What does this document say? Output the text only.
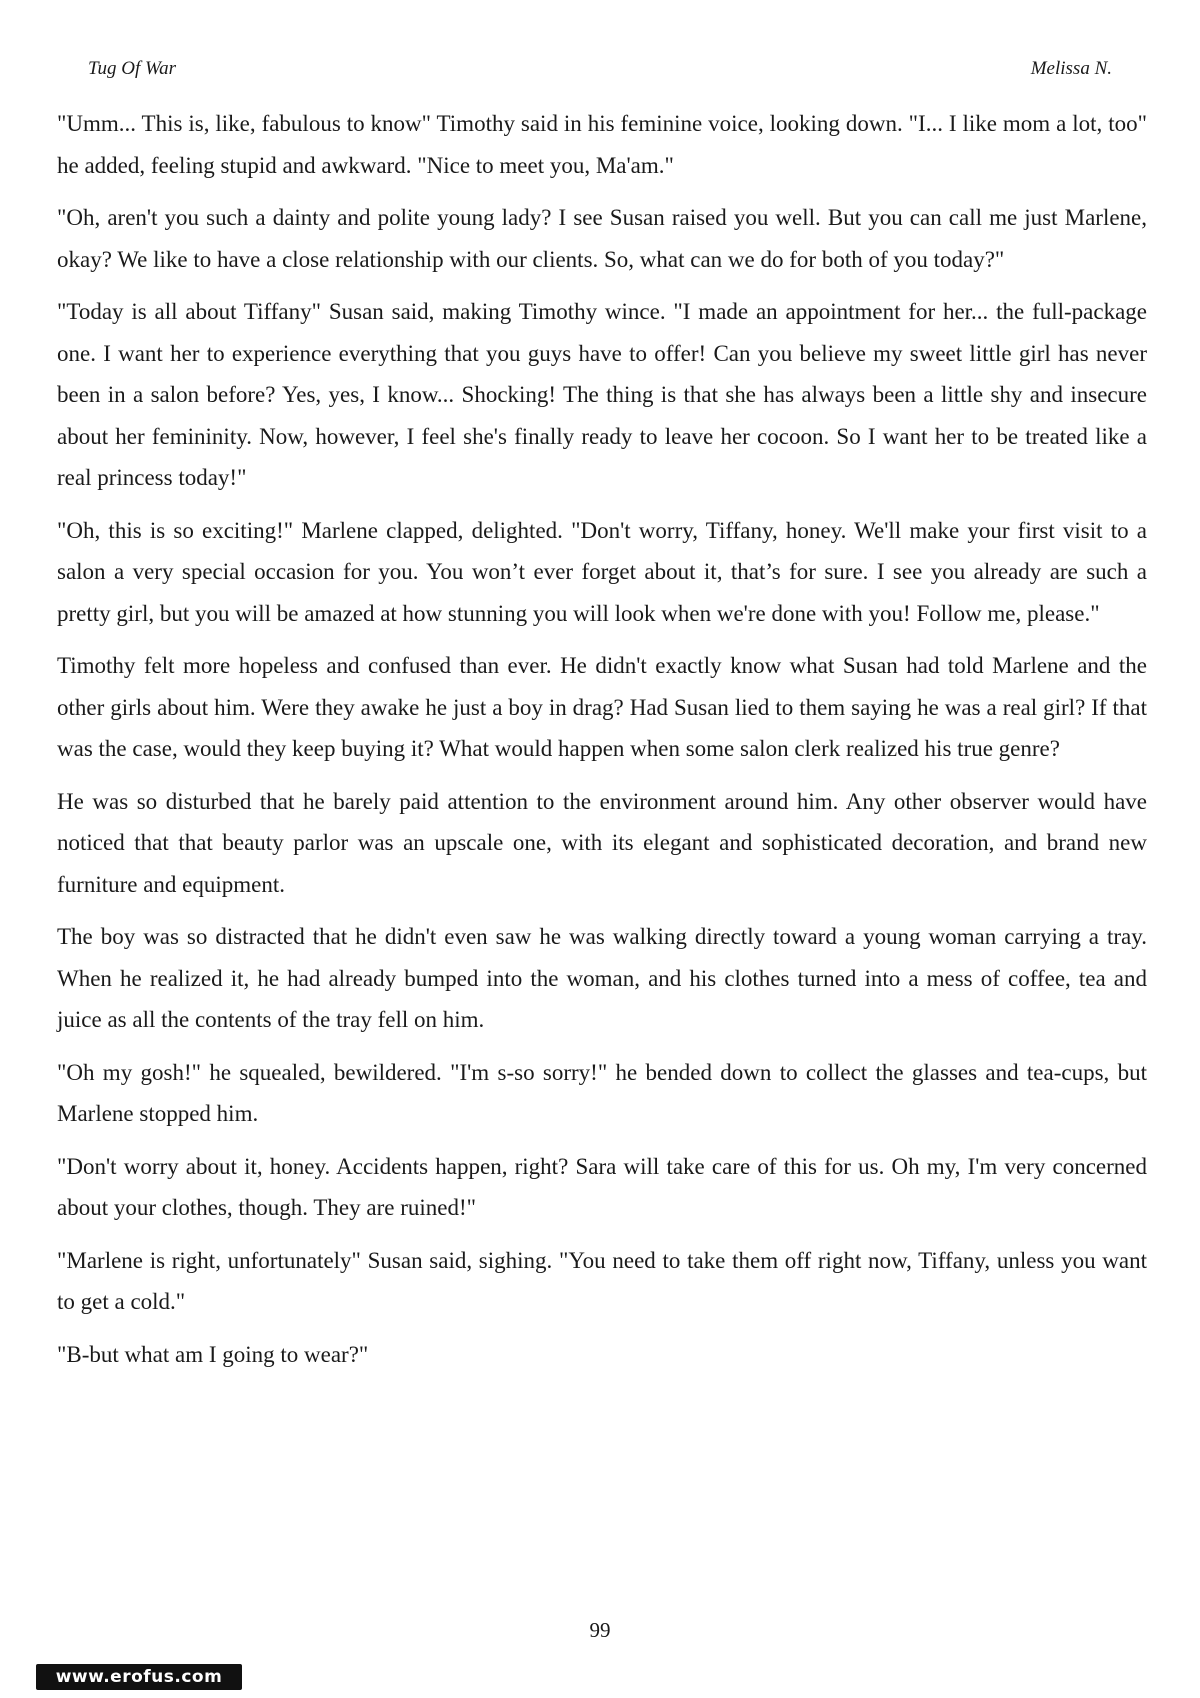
Tug Of War	Melissa N.

"Umm... This is, like, fabulous to know" Timothy said in his feminine voice, looking down. "I... I like mom a lot, too" he added, feeling stupid and awkward. "Nice to meet you, Ma'am."

"Oh, aren't you such a dainty and polite young lady? I see Susan raised you well. But you can call me just Marlene, okay? We like to have a close relationship with our clients. So, what can we do for both of you today?"

"Today is all about Tiffany" Susan said, making Timothy wince. "I made an appointment for her... the full-package one. I want her to experience everything that you guys have to offer! Can you believe my sweet little girl has never been in a salon before? Yes, yes, I know... Shocking! The thing is that she has always been a little shy and insecure about her femininity. Now, however, I feel she's finally ready to leave her cocoon. So I want her to be treated like a real princess today!"

"Oh, this is so exciting!" Marlene clapped, delighted. "Don't worry, Tiffany, honey. We'll make your first visit to a salon a very special occasion for you. You won’t ever forget about it, that’s for sure. I see you already are such a pretty girl, but you will be amazed at how stunning you will look when we're done with you! Follow me, please."

Timothy felt more hopeless and confused than ever. He didn't exactly know what Susan had told Marlene and the other girls about him. Were they awake he just a boy in drag? Had Susan lied to them saying he was a real girl? If that was the case, would they keep buying it? What would happen when some salon clerk realized his true genre?

He was so disturbed that he barely paid attention to the environment around him. Any other observer would have noticed that that beauty parlor was an upscale one, with its elegant and sophisticated decoration, and brand new furniture and equipment.

The boy was so distracted that he didn't even saw he was walking directly toward a young woman carrying a tray. When he realized it, he had already bumped into the woman, and his clothes turned into a mess of coffee, tea and juice as all the contents of the tray fell on him.

"Oh my gosh!" he squealed, bewildered. "I'm s-so sorry!" he bended down to collect the glasses and tea-cups, but Marlene stopped him.

"Don't worry about it, honey. Accidents happen, right? Sara will take care of this for us. Oh my, I'm very concerned about your clothes, though. They are ruined!"

"Marlene is right, unfortunately" Susan said, sighing. "You need to take them off right now, Tiffany, unless you want to get a cold."

"B-but what am I going to wear?"

99
www.erofus.com
